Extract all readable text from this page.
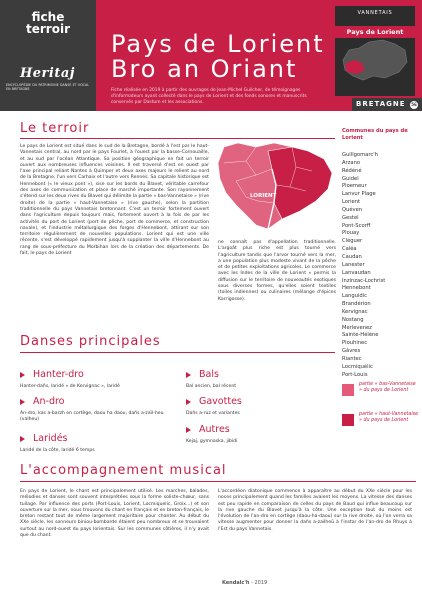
fiche
terroir
Heritaj
ENCYCLOPÉDIE DU PATRIMOINE DANSÉ ET VOCAL EN BRETAGNE
Pays de Lorient
Bro an Oriant
Fiche réalisée en 2019 à partir des ouvrages de Jean-Michel Guilcher, de témoignages d'informateurs ayant collecté dans le pays de Lorient et des fonds sonores et manuscrits conservés par Dastum et les associations.
VANNETAIS
Pays de Lorient
BRETAGNE	56
Le terroir
Le pays de Lorient est situé dans le sud de la Bretagne, bordé à l'est par le haut-Vannetais central, au nord par le pays Fourlet, à l'ouest par la basse-Cornouaille, et au sud par l'océan Atlantique. Sa position géographique en fait un terroir ouvert aux nombreuses influences voisines. Il est traversé d'est en ouest par l'axe principal reliant Nantes à Quimper et deux axes majeurs le relient au nord de la Bretagne, l'un vers Carhaix et l'autre vers Rennes. Sa capitale historique est Hennebont (« le vieux pont »), sise sur les bords du Blavet, véritable carrefour des axes de communication et place de marché importante. Son rayonnement s'étend sur les deux rives du Blavet qui délimite la partie « bas-Vannetaise » (rive droite) de la partie « haut-Vannetaise » (rive gauche), selon la partition traditionnelle du pays Vannetais bretonnant. C'est un terroir fortement ouvert dans l'agriculture depuis toujours mais, fortement ouvert à la fois de par les activités du port de Lorient (port de pêche, port de commerce, et construction navale), et l'industrie métallurgique des forges d'Hennebont, attirant sur son territoire régulièrement de nouvelles populations. Lorient qui est une ville récente, s'est développé rapidement jusqu'à supplanter la ville d'Hennebont au rang de sous-préfecture du Morbihan lors de la création des départements. De fait, le pays de Lorient
LORIENT
ne connaît pas d'appellation traditionnelle. L'argoât plus riche est plus tourné vers l'agriculture tandis que l'arvor tourné vers la mer, a une population plus modeste vivant de la pêche et de petites exploitations agricoles. Le commerce avec les Indes de la ville de Lorient « permis la diffusion sur le territoire de nouveautés exotiques sous diverses formes, qu'elles soient textiles (toiles indiennes) ou culinaires (mélange d'épices Karrigosse).
Communes du pays de Lorient
Guillgomarc'h
Arzano
Rédéné
Guidel
Ploemeur
Lanvur Plage
Lorient
Quéven
Gestel
Pont-Scorff
Plouay
Cléguer
Caléa
Caudan
Lanester
Lanvaudan
Inzinzac-Lochrist
Hennebont
Languidic
Brandérion
Kervignac
Nostang
Merlevenez
Sainte-Hélène
Plouhinec
Gâvres
Riantec
Locmiquélic
Port-Louis
partie « bas-Vannetaise » du pays de Lorient
partie « haut-Vannetaise » du pays de Lorient
Danses principales
Hanter-dro
Hanter-dañs, laridé « de Kervignac », laridé
Bals
Bal ancien, bal récent
An-dro
An-dro, kas a-barzh en cortège, daou ha daou, dañs a-zaïl-heu (valheu)
Gavottes
Dañs a-ruz et variantes
Laridés
Laridé de la côte, laridé 6 temps
Autres
Kejaj, gymnaska, jibidi
L'accompagnement musical
En pays de Lorient, le chant est principalement utilisé. Les marches, balades, mélodies et danses sont souvent interprétées sous la forme soliste-chœur, sans tuilage. Par influence des ports (Port-Louis, Lorient, Locmiquelic, Groix...) et son ouverture sur la mer, nous trouvons du chant en français et en breton-français, le breton restant tout de même largement majoritaire pour chanter. Au début du XXe siècle, les sonneurs biniou-bombarde étaient peu nombreux et se trouvaient surtout au nord-ouest du pays lorientais. Sur les communes côtières, il n'y avait que du chant.
L'accordéon diatonique commence à apparaître au début du XXe siècle pour les noces principalement quand les familles avaient les moyens. La vitesse des danses est peu rapide en comparaison de celles du pays de Baud qui influe beaucoup sur la rive gauche du Blavet jusqu'à la côte. Une exception tout du moins est l'évolution de l'an-dro en cortège (daou-ha-daou) sur la rive droite, où l'on verra sa vitesse augmenter pour donner la dañs a-zailheü à l'instar de l'an-dro de Rhuys à l'Est du pays Vannetais.
Kendalc'h - 2019
